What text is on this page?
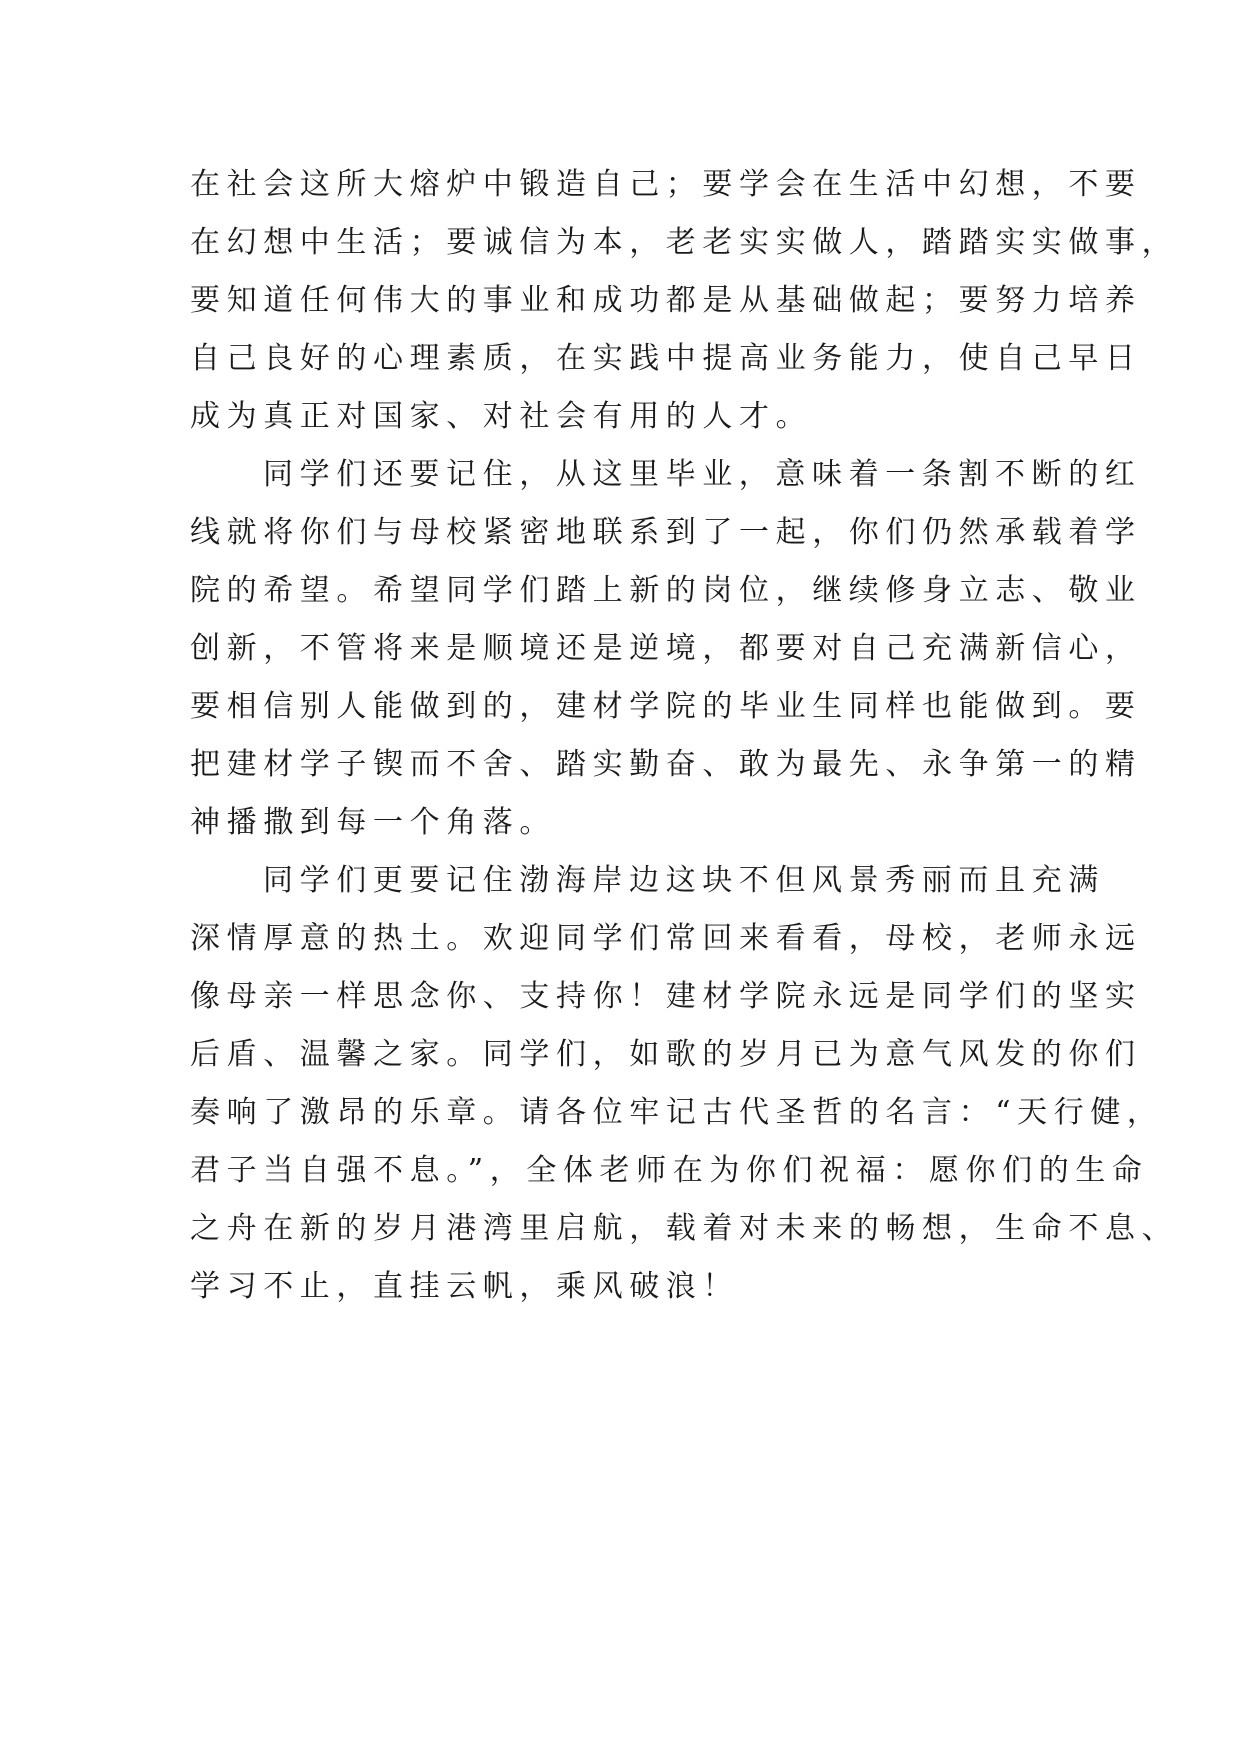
在社会这所大熔炉中锻造自己；要学会在生活中幻想，不要
在幻想中生活；要诚信为本，老老实实做人，踏踏实实做事，
要知道任何伟大的事业和成功都是从基础做起；要努力培养
自己良好的心理素质，在实践中提高业务能力，使自己早日
成为真正对国家、对社会有用的人才。
同学们还要记住，从这里毕业，意味着一条割不断的红
线就将你们与母校紧密地联系到了一起，你们仍然承载着学
院的希望。希望同学们踏上新的岗位，继续修身立志、敬业
创新，不管将来是顺境还是逆境，都要对自己充满新信心，
要相信别人能做到的，建材学院的毕业生同样也能做到。要
把建材学子锲而不舍、踏实勤奋、敢为最先、永争第一的精
神播撒到每一个角落。
同学们更要记住渤海岸边这块不但风景秀丽而且充满
深情厚意的热土。欢迎同学们常回来看看，母校，老师永远
像母亲一样思念你、支持你！建材学院永远是同学们的坚实
后盾、温馨之家。同学们，如歌的岁月已为意气风发的你们
奏响了激昂的乐章。请各位牢记古代圣哲的名言：“天行健，
君子当自强不息。”，全体老师在为你们祝福：愿你们的生命
之舟在新的岁月港湾里启航，载着对未来的畅想，生命不息、
学习不止，直挂云帆，乘风破浪！
